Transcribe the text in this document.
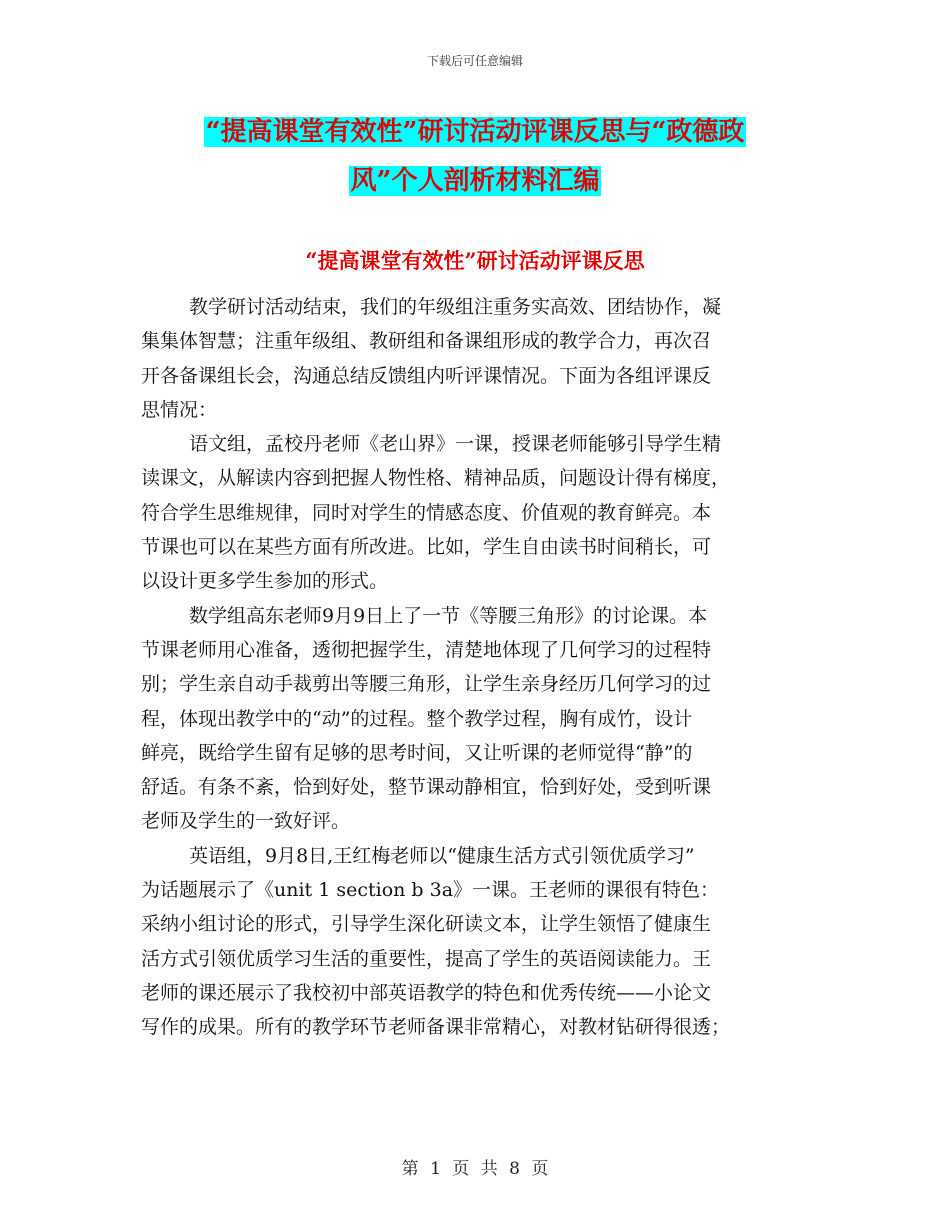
下载后可任意编辑
“提高课堂有效性”研讨活动评课反思与“政德政
风”个人剖析材料汇编
“提高课堂有效性”研讨活动评课反思
教学研讨活动结束，我们的年级组注重务实高效、团结协作，凝
集集体智慧；注重年级组、教研组和备课组形成的教学合力，再次召
开各备课组长会，沟通总结反馈组内听评课情况。下面为各组评课反
思情况：
语文组，孟校丹老师《老山界》一课，授课老师能够引导学生精
读课文，从解读内容到把握人物性格、精神品质，问题设计得有梯度，
符合学生思维规律，同时对学生的情感态度、价值观的教育鲜亮。本
节课也可以在某些方面有所改进。比如，学生自由读书时间稍长，可
以设计更多学生参加的形式。
数学组高东老师9月9日上了一节《等腰三角形》的讨论课。本
节课老师用心准备，透彻把握学生，清楚地体现了几何学习的过程特
别；学生亲自动手裁剪出等腰三角形，让学生亲身经历几何学习的过
程，体现出教学中的“动”的过程。整个教学过程，胸有成竹，设计
鲜亮，既给学生留有足够的思考时间，又让听课的老师觉得“静”的
舒适。有条不紊，恰到好处，整节课动静相宜，恰到好处，受到听课
老师及学生的一致好评。
英语组，9月8日,王红梅老师以“健康生活方式引领优质学习”
为话题展示了《unit 1 section b 3a》一课。王老师的课很有特色：
采纳小组讨论的形式，引导学生深化研读文本，让学生领悟了健康生
活方式引领优质学习生活的重要性，提高了学生的英语阅读能力。王
老师的课还展示了我校初中部英语教学的特色和优秀传统——小论文
写作的成果。所有的教学环节老师备课非常精心，对教材钻研得很透；
第 1 页 共 8 页
